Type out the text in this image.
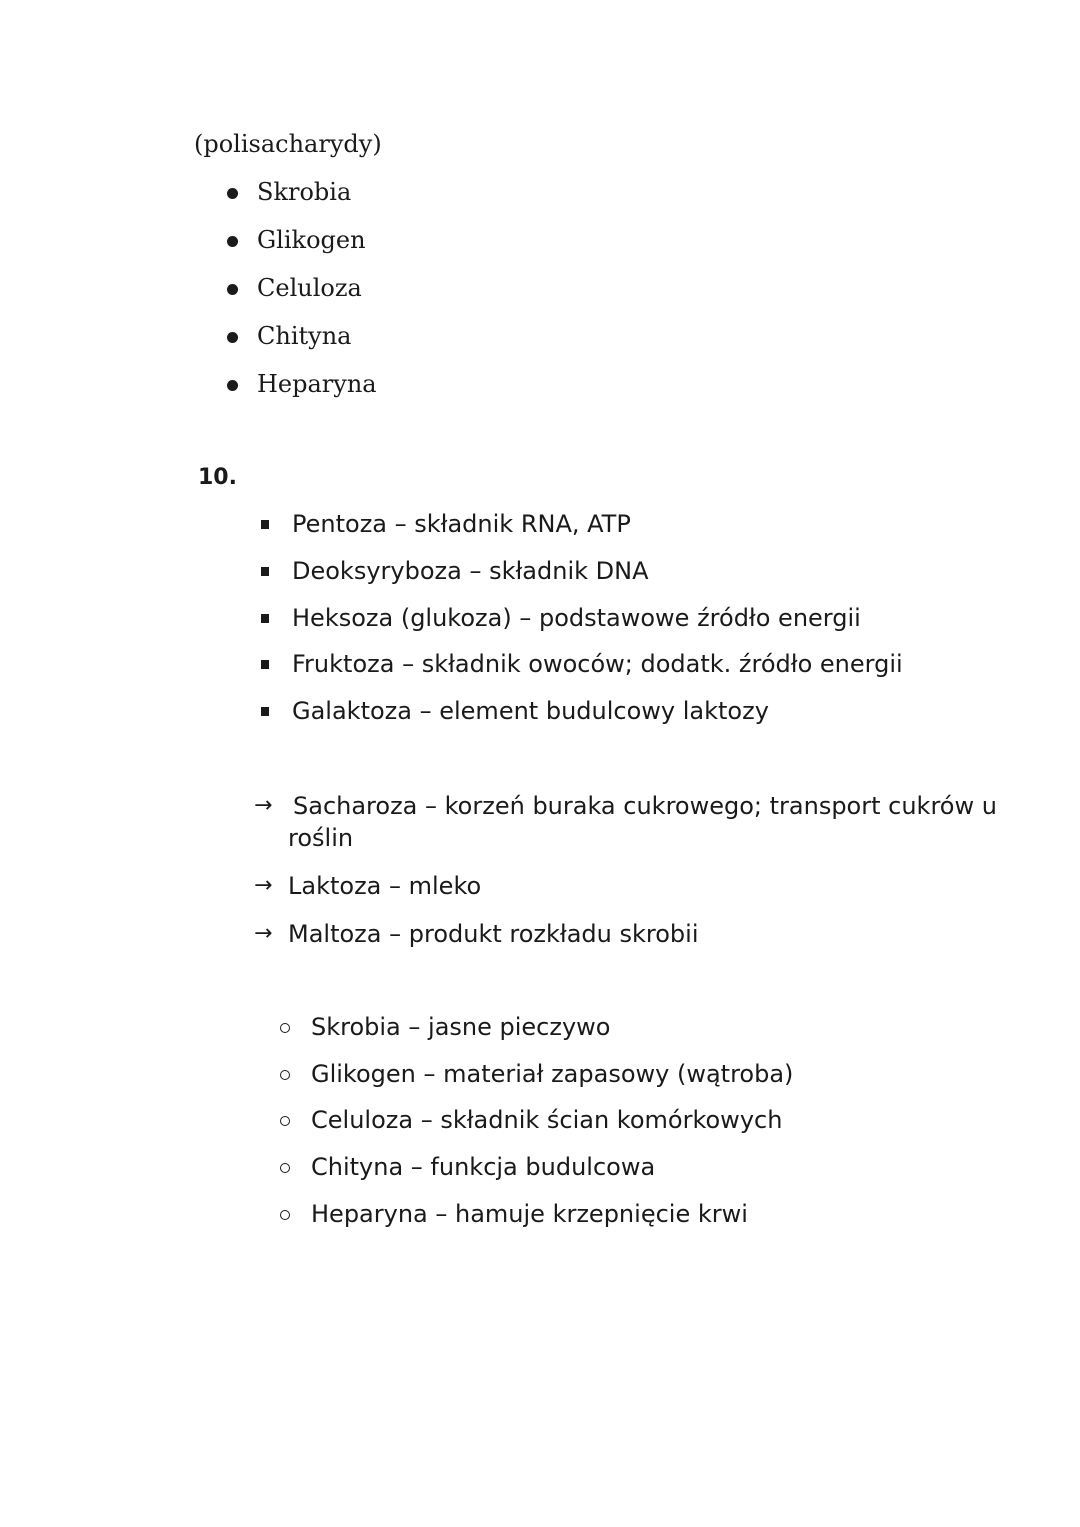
(polisacharydy)
Skrobia
Glikogen
Celuloza
Chityna
Heparyna
10.
Pentoza – składnik RNA, ATP
Deoksyryboza – składnik DNA
Heksoza (glukoza) – podstawowe źródło energii
Fruktoza – składnik owoców; dodatk. źródło energii
Galaktoza – element budulcowy laktozy
→ Sacharoza – korzeń buraka cukrowego; transport cukrów u
roślin
→ Laktoza – mleko
→ Maltoza – produkt rozkładu skrobii
Skrobia – jasne pieczywo
Glikogen – materiał zapasowy (wątroba)
Celuloza – składnik ścian komórkowych
Chityna – funkcja budulcowa
Heparyna – hamuje krzepnięcie krwi
